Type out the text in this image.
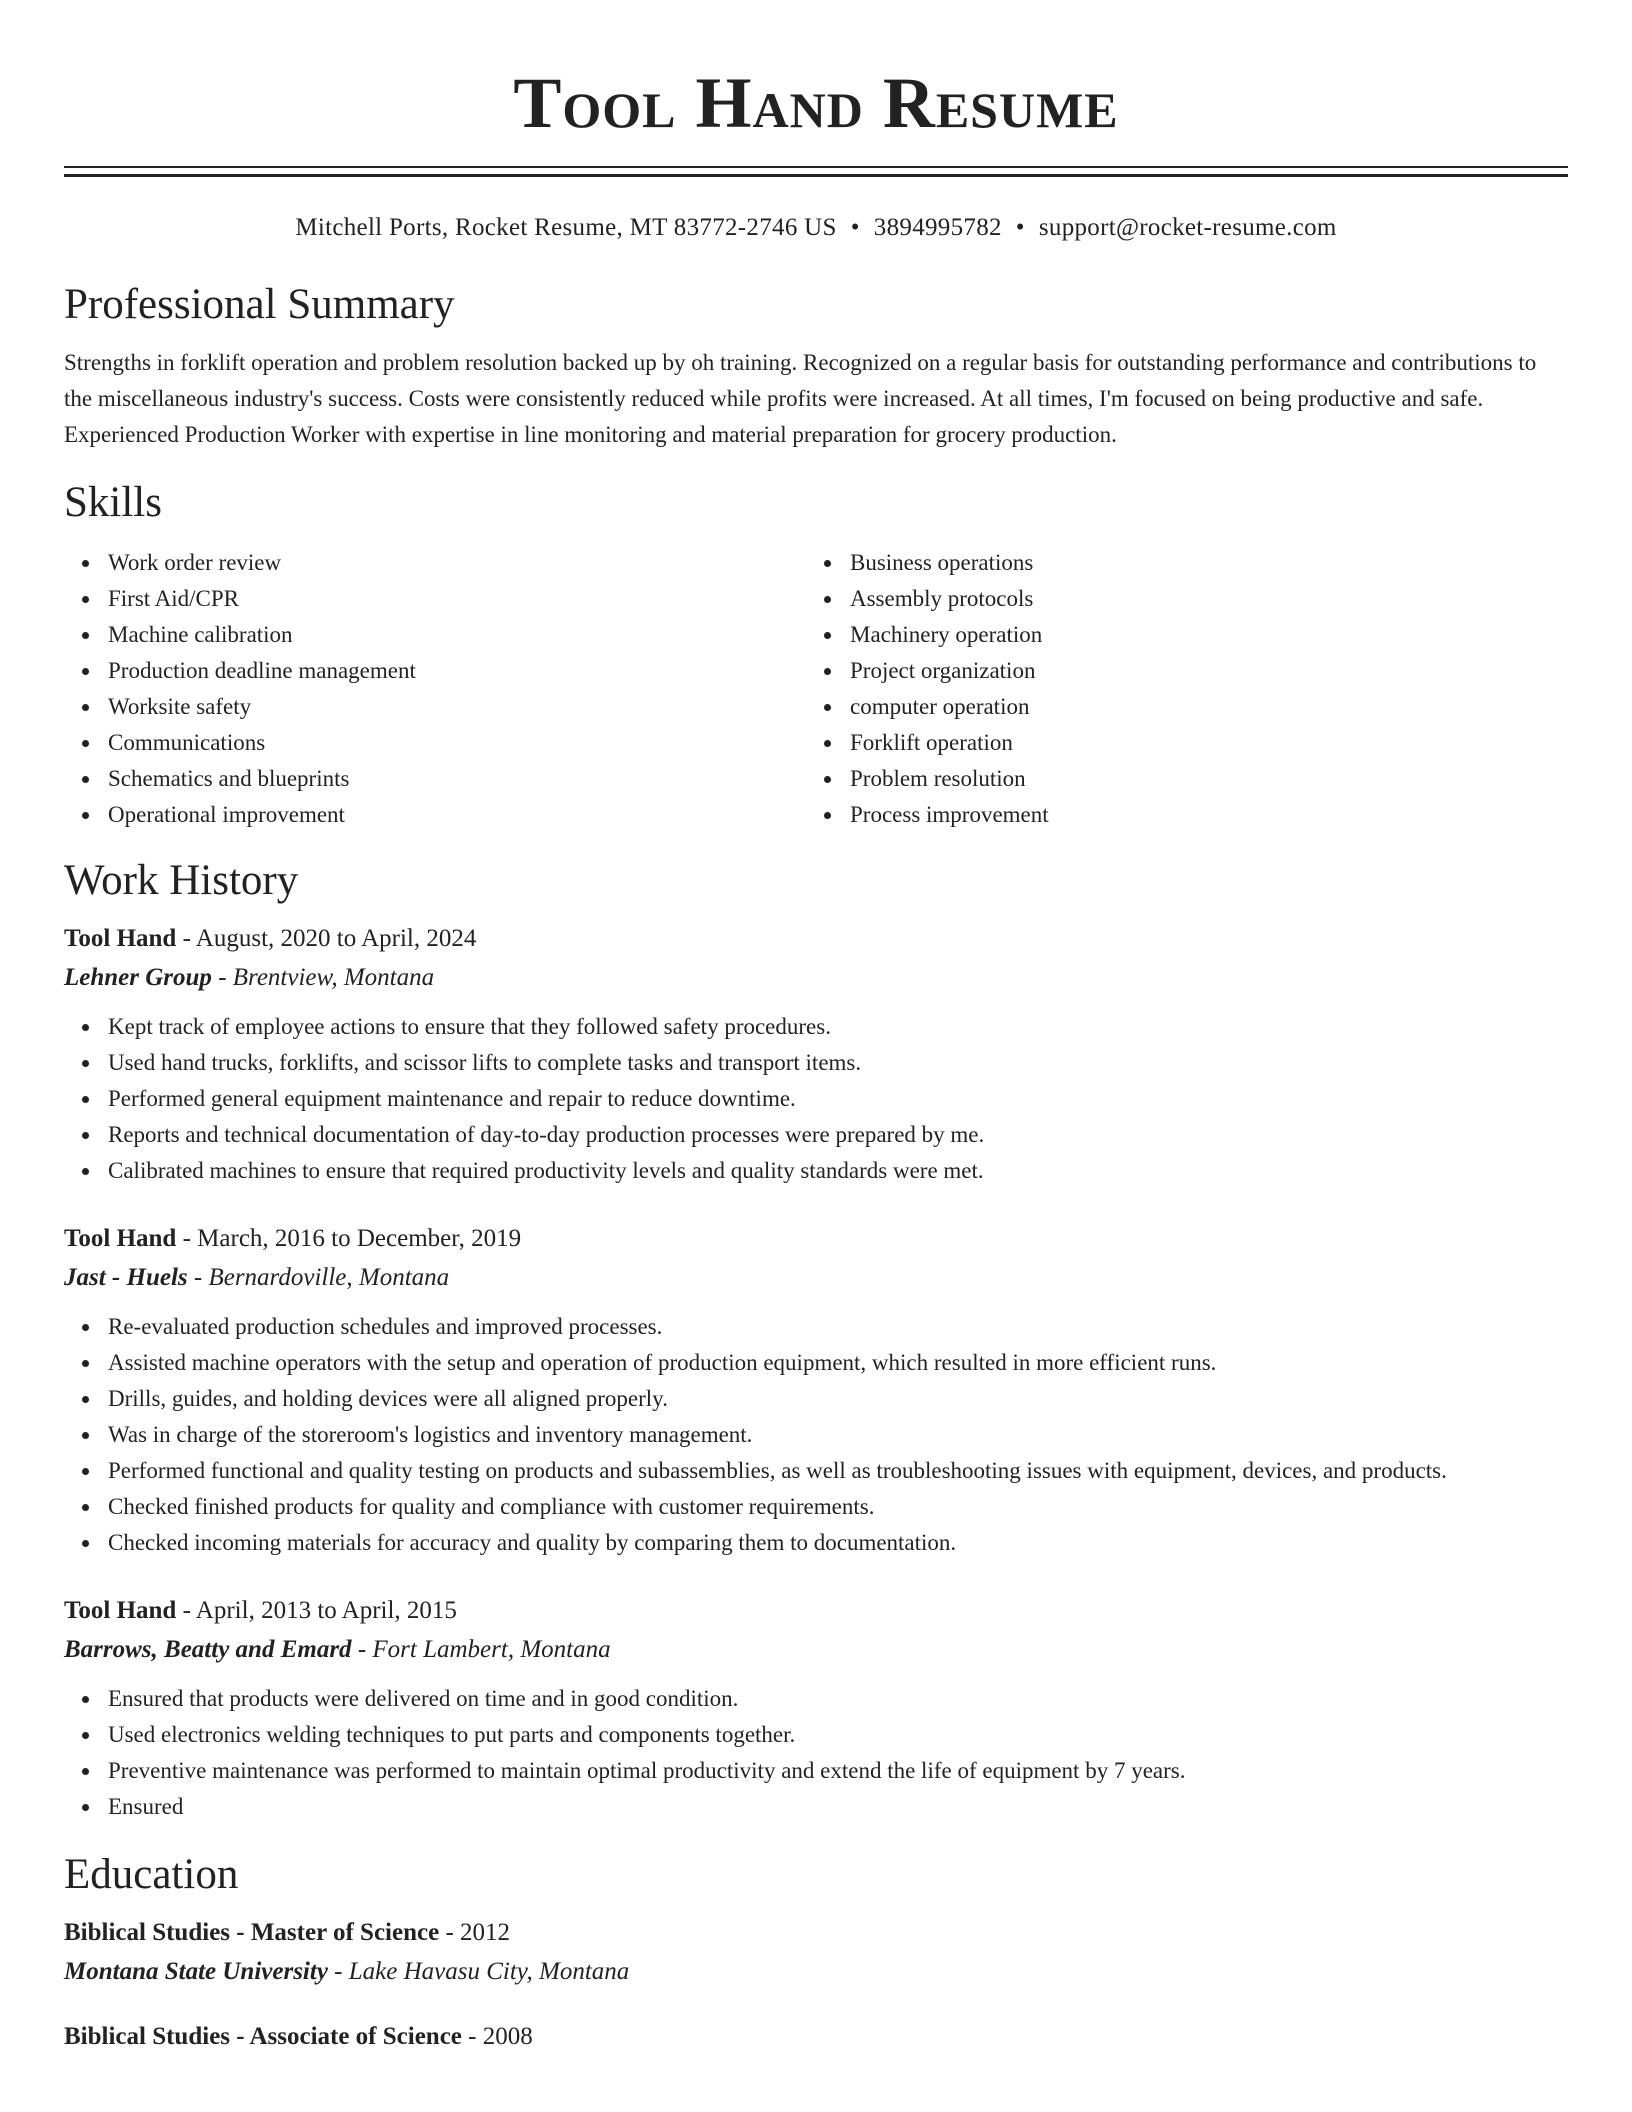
Tool Hand Resume
Mitchell Ports, Rocket Resume, MT 83772-2746 US • 3894995782 • support@rocket-resume.com
Professional Summary
Strengths in forklift operation and problem resolution backed up by oh training. Recognized on a regular basis for outstanding performance and contributions to the miscellaneous industry's success. Costs were consistently reduced while profits were increased. At all times, I'm focused on being productive and safe. Experienced Production Worker with expertise in line monitoring and material preparation for grocery production.
Skills
Work order review
First Aid/CPR
Machine calibration
Production deadline management
Worksite safety
Communications
Schematics and blueprints
Operational improvement
Business operations
Assembly protocols
Machinery operation
Project organization
computer operation
Forklift operation
Problem resolution
Process improvement
Work History
Tool Hand - August, 2020 to April, 2024
Lehner Group - Brentview, Montana
Kept track of employee actions to ensure that they followed safety procedures.
Used hand trucks, forklifts, and scissor lifts to complete tasks and transport items.
Performed general equipment maintenance and repair to reduce downtime.
Reports and technical documentation of day-to-day production processes were prepared by me.
Calibrated machines to ensure that required productivity levels and quality standards were met.
Tool Hand - March, 2016 to December, 2019
Jast - Huels - Bernardoville, Montana
Re-evaluated production schedules and improved processes.
Assisted machine operators with the setup and operation of production equipment, which resulted in more efficient runs.
Drills, guides, and holding devices were all aligned properly.
Was in charge of the storeroom's logistics and inventory management.
Performed functional and quality testing on products and subassemblies, as well as troubleshooting issues with equipment, devices, and products.
Checked finished products for quality and compliance with customer requirements.
Checked incoming materials for accuracy and quality by comparing them to documentation.
Tool Hand - April, 2013 to April, 2015
Barrows, Beatty and Emard - Fort Lambert, Montana
Ensured that products were delivered on time and in good condition.
Used electronics welding techniques to put parts and components together.
Preventive maintenance was performed to maintain optimal productivity and extend the life of equipment by 7 years.
Ensured
Education
Biblical Studies - Master of Science - 2012
Montana State University - Lake Havasu City, Montana
Biblical Studies - Associate of Science - 2008
